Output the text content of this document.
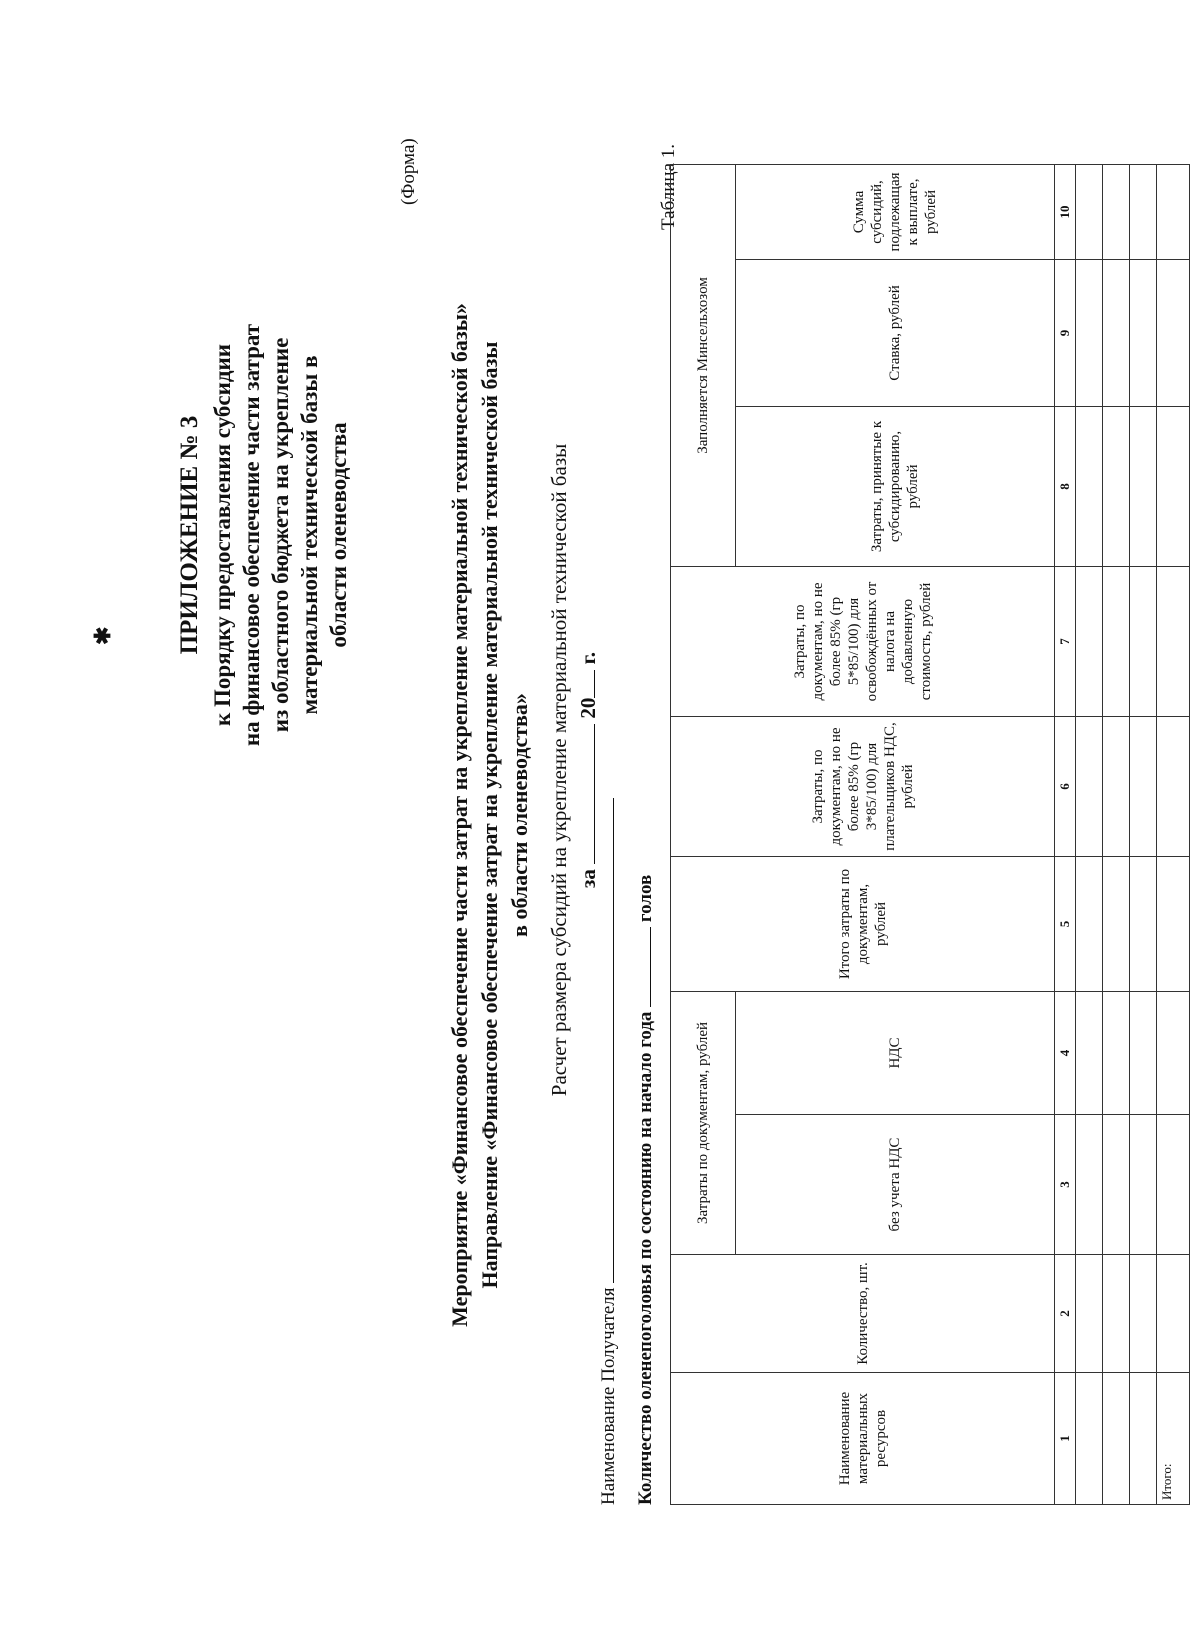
✱ ПРИЛОЖЕНИЕ № 3 к Порядку предоставления субсидии на финансовое обеспечение части затрат из областного бюджета на укрепление материальной технической базы в области оленеводства
(Форма)
Мероприятие «Финансовое обеспечение части затрат на укрепление материальной технической базы» Направление «Финансовое обеспечение затрат на укрепление материальной технической базы в области оленеводства» Расчет размера субсидий на укрепление материальной технической базы за  20 г.
Наименование Получателя Количество оленепоголовья по состоянию на начало года  голов
Таблица 1.
Наименование материальных ресурсов	Количество, шт.	Затраты по документам, рублей		Итого затраты по документам, рублей	Затраты, по документам, но не более 85% (гр 3*85/100) для плательщиков НДС, рублей	Затраты, по документам, но не более 85% (гр 5*85/100) для освобождённых от налога на добавленную стоимость, рублей	Заполняется Минсельхозом		
		без учета НДС	НДС				Затраты, принятые к субсидированию, рублей	Ставка, рублей	Сумма субсидий, подлежащая к выплате, рублей
1	2	3	4	5	6	7	8	9	10

Итого:									
